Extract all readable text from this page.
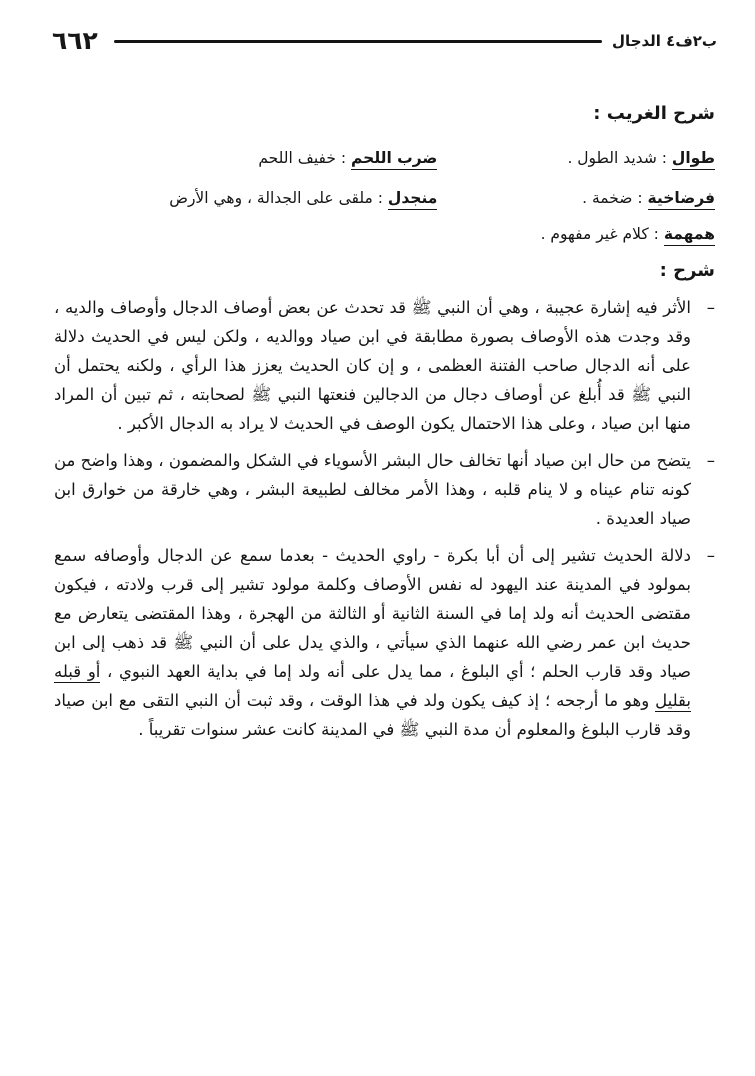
ب٢ف٤ الدجال
٦٦٢
شرح الغريب :
طوال : شديد الطول .
ضرب اللحم : خفيف اللحم
فرضاخية : ضخمة .
منجدل : ملقى على الجدالة ، وهي الأرض
همهمة : كلام غير مفهوم .
شرح :
–
الأثر فيه إشارة عجيبة ، وهي أن النبي ﷺ قد تحدث عن بعض أوصاف الدجال وأوصاف والديه ، وقد وجدت هذه الأوصاف بصورة مطابقة في ابن صياد ووالديه ، ولكن ليس في الحديث دلالة على أنه الدجال صاحب الفتنة العظمى ، و إن كان الحديث يعزز هذا الرأي ، ولكنه يحتمل أن النبي ﷺ قد أُبلغ عن أوصاف دجال من الدجالين فنعتها النبي ﷺ لصحابته ، ثم تبين أن المراد منها ابن صياد ، وعلى هذا الاحتمال يكون الوصف في الحديث لا يراد به الدجال الأكبر .
–
يتضح من حال ابن صياد أنها تخالف حال البشر الأسوياء في الشكل والمضمون ، وهذا واضح من كونه تنام عيناه و لا ينام قلبه ، وهذا الأمر مخالف لطبيعة البشر ، وهي خارقة من خوارق ابن صياد العديدة .
–
دلالة الحديث تشير إلى أن أبا بكرة - راوي الحديث - بعدما سمع عن الدجال وأوصافه سمع بمولود في المدينة عند اليهود له نفس الأوصاف وكلمة مولود تشير إلى قرب ولادته ، فيكون مقتضى الحديث أنه ولد إما في السنة الثانية أو الثالثة من الهجرة ، وهذا المقتضى يتعارض مع حديث ابن عمر رضي الله عنهما الذي سيأتي ، والذي يدل على أن النبي ﷺ قد ذهب إلى ابن صياد وقد قارب الحلم ؛ أي البلوغ ، مما يدل على أنه ولد إما في بداية العهد النبوي ، أو قبله بقليل وهو ما أرجحه ؛ إذ كيف يكون ولد في هذا الوقت ، وقد ثبت أن النبي التقى مع ابن صياد وقد قارب البلوغ والمعلوم أن مدة النبي ﷺ في المدينة كانت عشر سنوات تقريباً .
